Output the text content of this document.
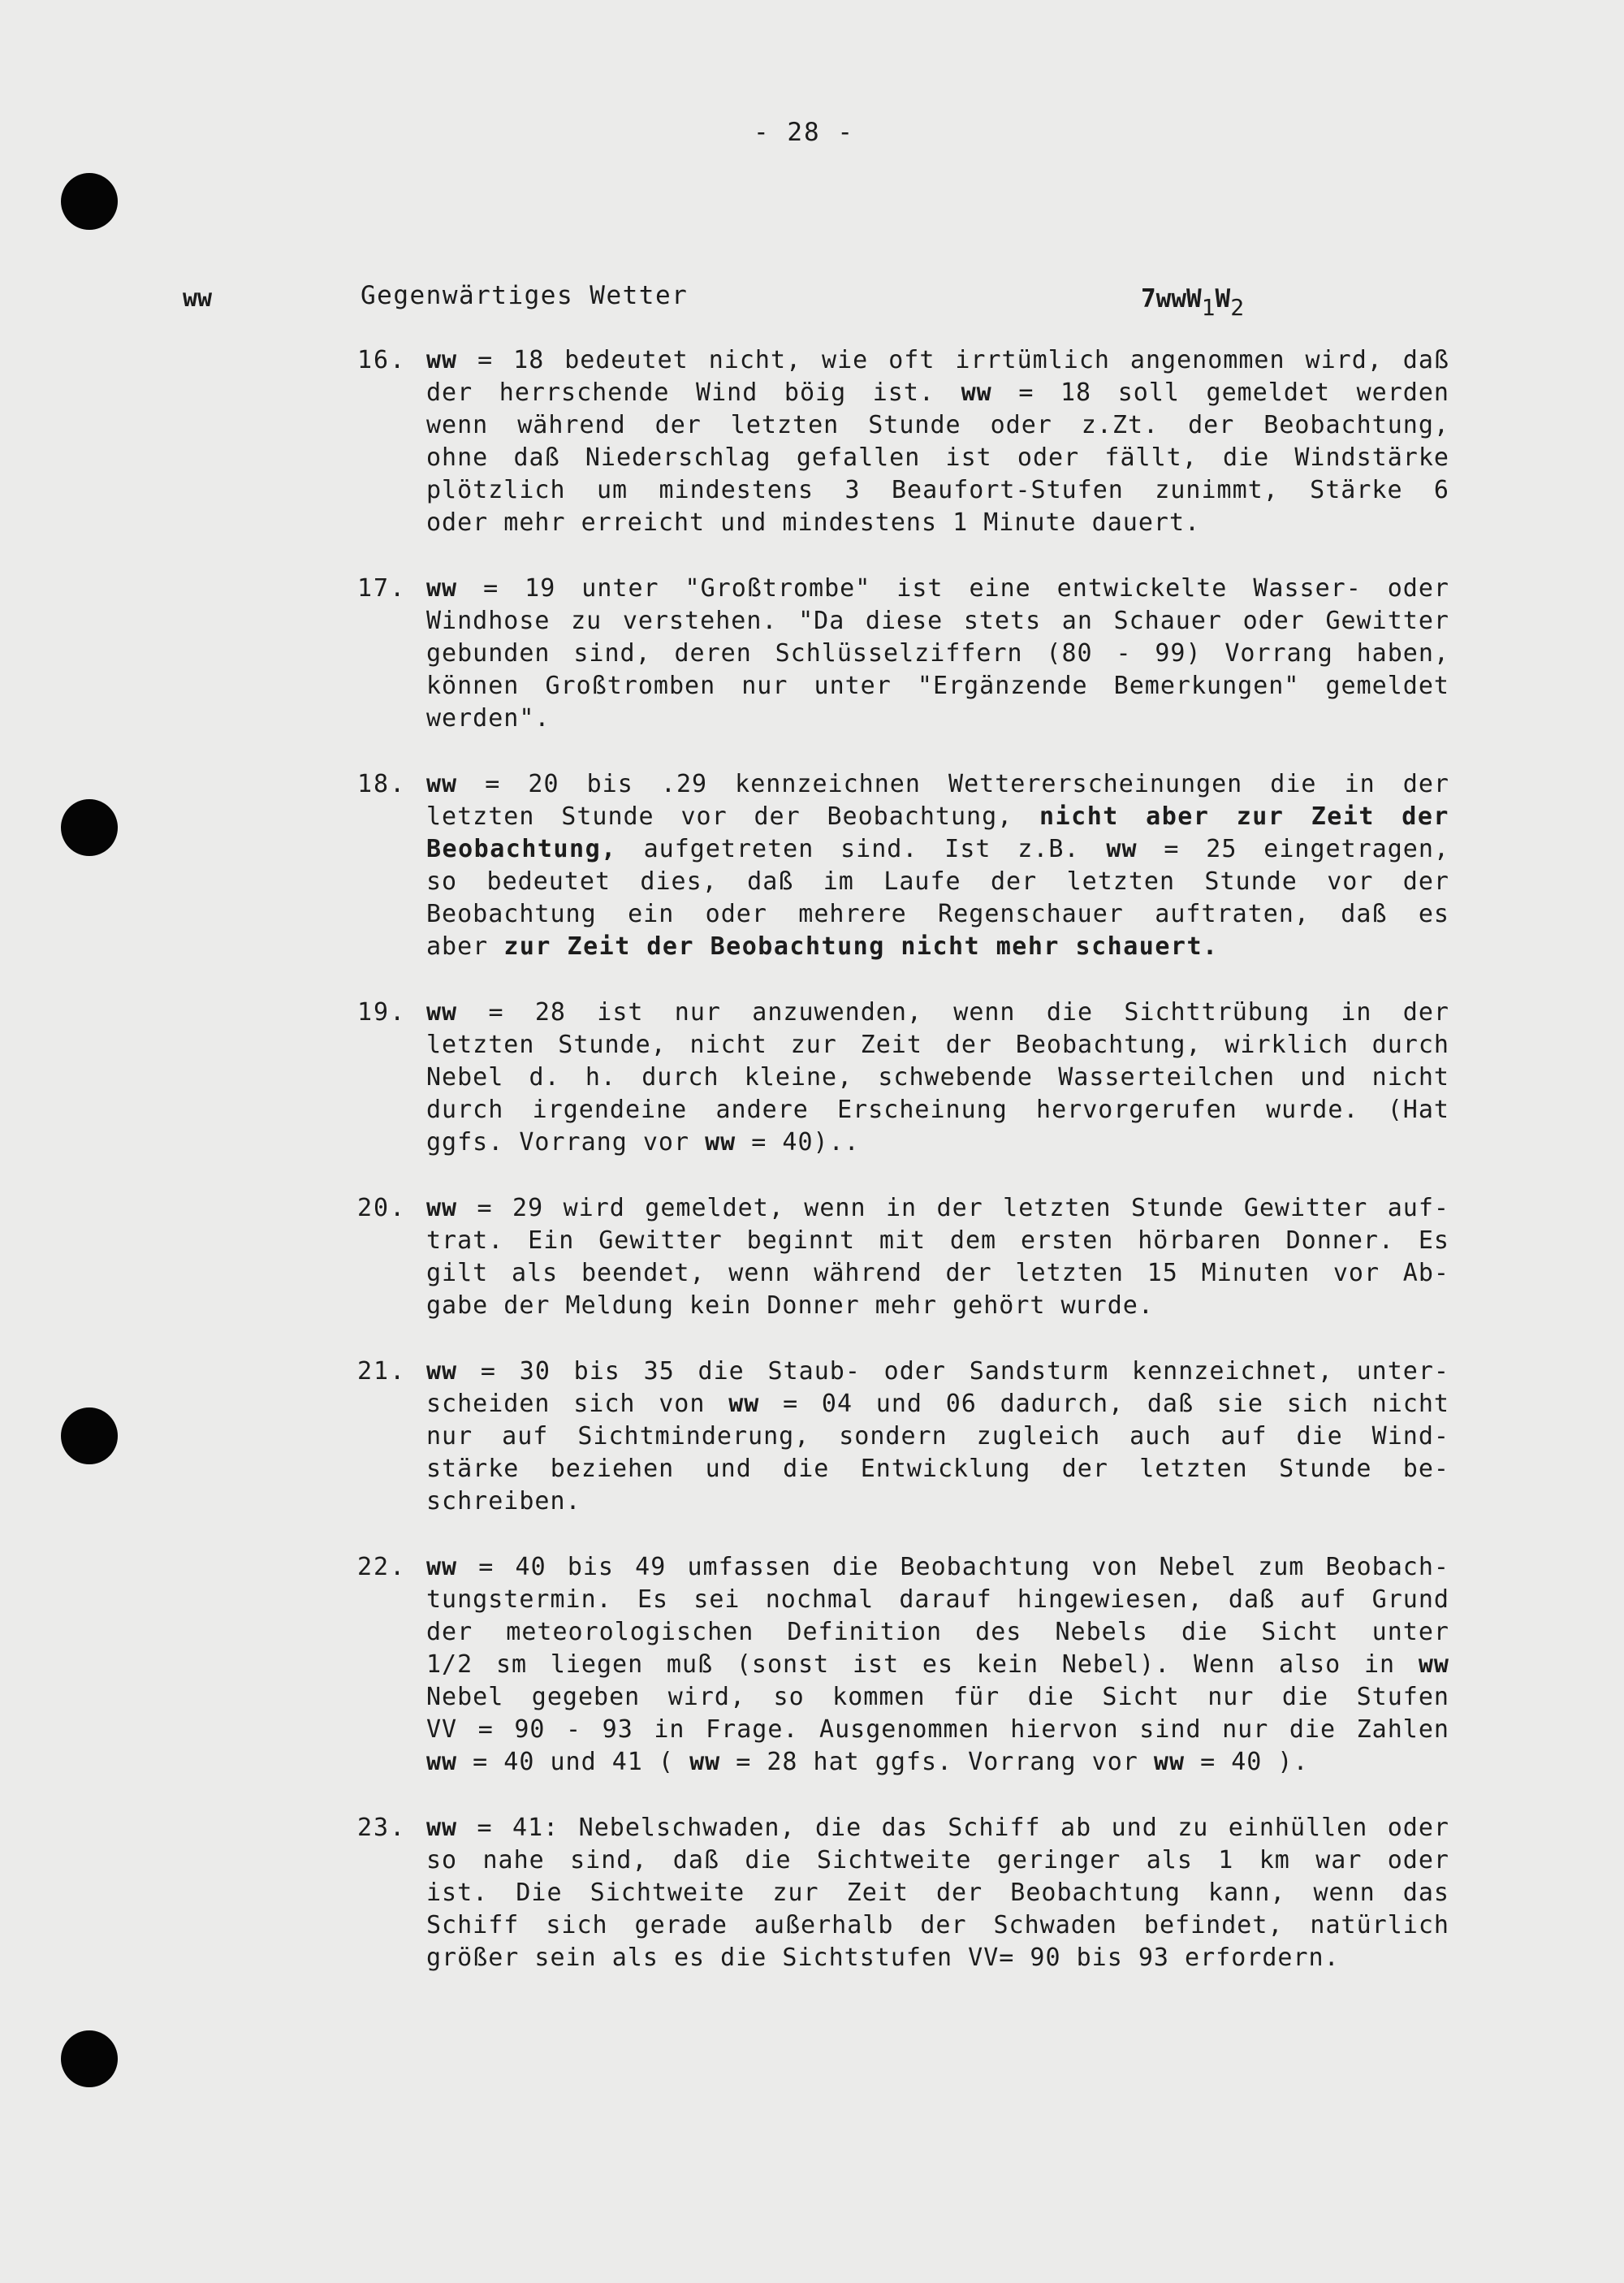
- 28 -
ww	Gegenwärtiges Wetter	$7wwW_1W_2$
16. ww = 18 bedeutet nicht, wie oft irrtümlich angenommen wird, daß
der herrschende Wind böig ist. ww = 18 soll gemeldet werden
wenn während der letzten Stunde oder z.Zt. der Beobachtung,
ohne daß Niederschlag gefallen ist oder fällt, die Windstärke
plötzlich um mindestens 3 Beaufort-Stufen zunimmt, Stärke 6
oder mehr erreicht und mindestens 1 Minute dauert.
17. ww = 19 unter "Großtrombe" ist eine entwickelte Wasser- oder
Windhose zu verstehen. "Da diese stets an Schauer oder Gewitter
gebunden sind, deren Schlüsselziffern (80 - 99) Vorrang haben,
können Großtromben nur unter "Ergänzende Bemerkungen" gemeldet
werden".
18. ww = 20 bis .29 kennzeichnen Wettererscheinungen die in der
letzten Stunde vor der Beobachtung, nicht aber zur Zeit der
Beobachtung, aufgetreten sind. Ist z.B. ww = 25 eingetragen,
so bedeutet dies, daß im Laufe der letzten Stunde vor der
Beobachtung ein oder mehrere Regenschauer auftraten, daß es
aber zur Zeit der Beobachtung nicht mehr schauert.
19. ww = 28 ist nur anzuwenden, wenn die Sichttrübung in der
letzten Stunde, nicht zur Zeit der Beobachtung, wirklich durch
Nebel d. h. durch kleine, schwebende Wasserteilchen und nicht
durch irgendeine andere Erscheinung hervorgerufen wurde. (Hat
ggfs. Vorrang vor ww = 40)..
20. ww = 29 wird gemeldet, wenn in der letzten Stunde Gewitter auf-
trat. Ein Gewitter beginnt mit dem ersten hörbaren Donner. Es
gilt als beendet, wenn während der letzten 15 Minuten vor Ab-
gabe der Meldung kein Donner mehr gehört wurde.
21. ww = 30 bis 35 die Staub- oder Sandsturm kennzeichnet, unter-
scheiden sich von ww = 04 und 06 dadurch, daß sie sich nicht
nur auf Sichtminderung, sondern zugleich auch auf die Wind-
stärke beziehen und die Entwicklung der letzten Stunde be-
schreiben.
22. ww = 40 bis 49 umfassen die Beobachtung von Nebel zum Beobach-
tungstermin. Es sei nochmal darauf hingewiesen, daß auf Grund
der meteorologischen Definition des Nebels die Sicht unter
1/2 sm liegen muß (sonst ist es kein Nebel). Wenn also in ww
Nebel gegeben wird, so kommen für die Sicht nur die Stufen
VV = 90 - 93 in Frage. Ausgenommen hiervon sind nur die Zahlen
ww = 40 und 41 ( ww = 28 hat ggfs. Vorrang vor ww = 40 ).
23. ww = 41: Nebelschwaden, die das Schiff ab und zu einhüllen oder
so nahe sind, daß die Sichtweite geringer als 1 km war oder
ist. Die Sichtweite zur Zeit der Beobachtung kann, wenn das
Schiff sich gerade außerhalb der Schwaden befindet, natürlich
größer sein als es die Sichtstufen VV= 90 bis 93 erfordern.
